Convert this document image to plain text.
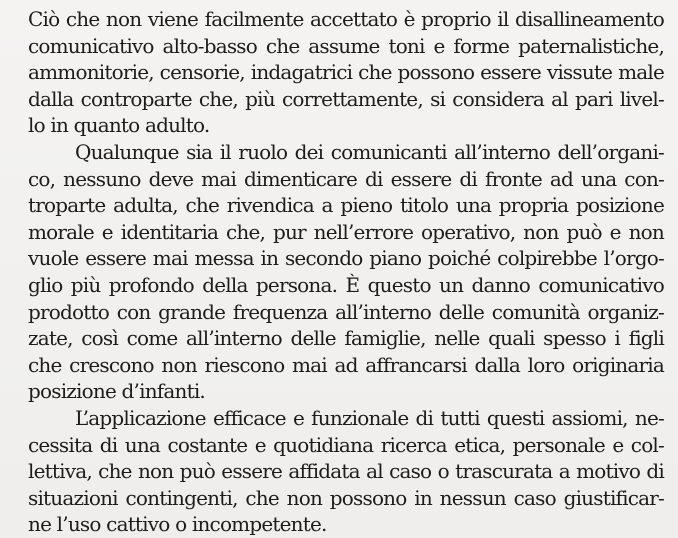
Ciò che non viene facilmente accettato è proprio il disallineamento
comunicativo alto-basso che assume toni e forme paternalistiche,
ammonitorie, censorie, indagatrici che possono essere vissute male
dalla controparte che, più correttamente, si considera al pari livel-
lo in quanto adulto.
Qualunque sia il ruolo dei comunicanti all’interno dell’organi-
co, nessuno deve mai dimenticare di essere di fronte ad una con-
troparte adulta, che rivendica a pieno titolo una propria posizione
morale e identitaria che, pur nell’errore operativo, non può e non
vuole essere mai messa in secondo piano poiché colpirebbe l’orgo-
glio più profondo della persona. È questo un danno comunicativo
prodotto con grande frequenza all’interno delle comunità organiz-
zate, così come all’interno delle famiglie, nelle quali spesso i figli
che crescono non riescono mai ad affrancarsi dalla loro originaria
posizione d’infanti.
L’applicazione efficace e funzionale di tutti questi assiomi, ne-
cessita di una costante e quotidiana ricerca etica, personale e col-
lettiva, che non può essere affidata al caso o trascurata a motivo di
situazioni contingenti, che non possono in nessun caso giustificar-
ne l’uso cattivo o incompetente.
